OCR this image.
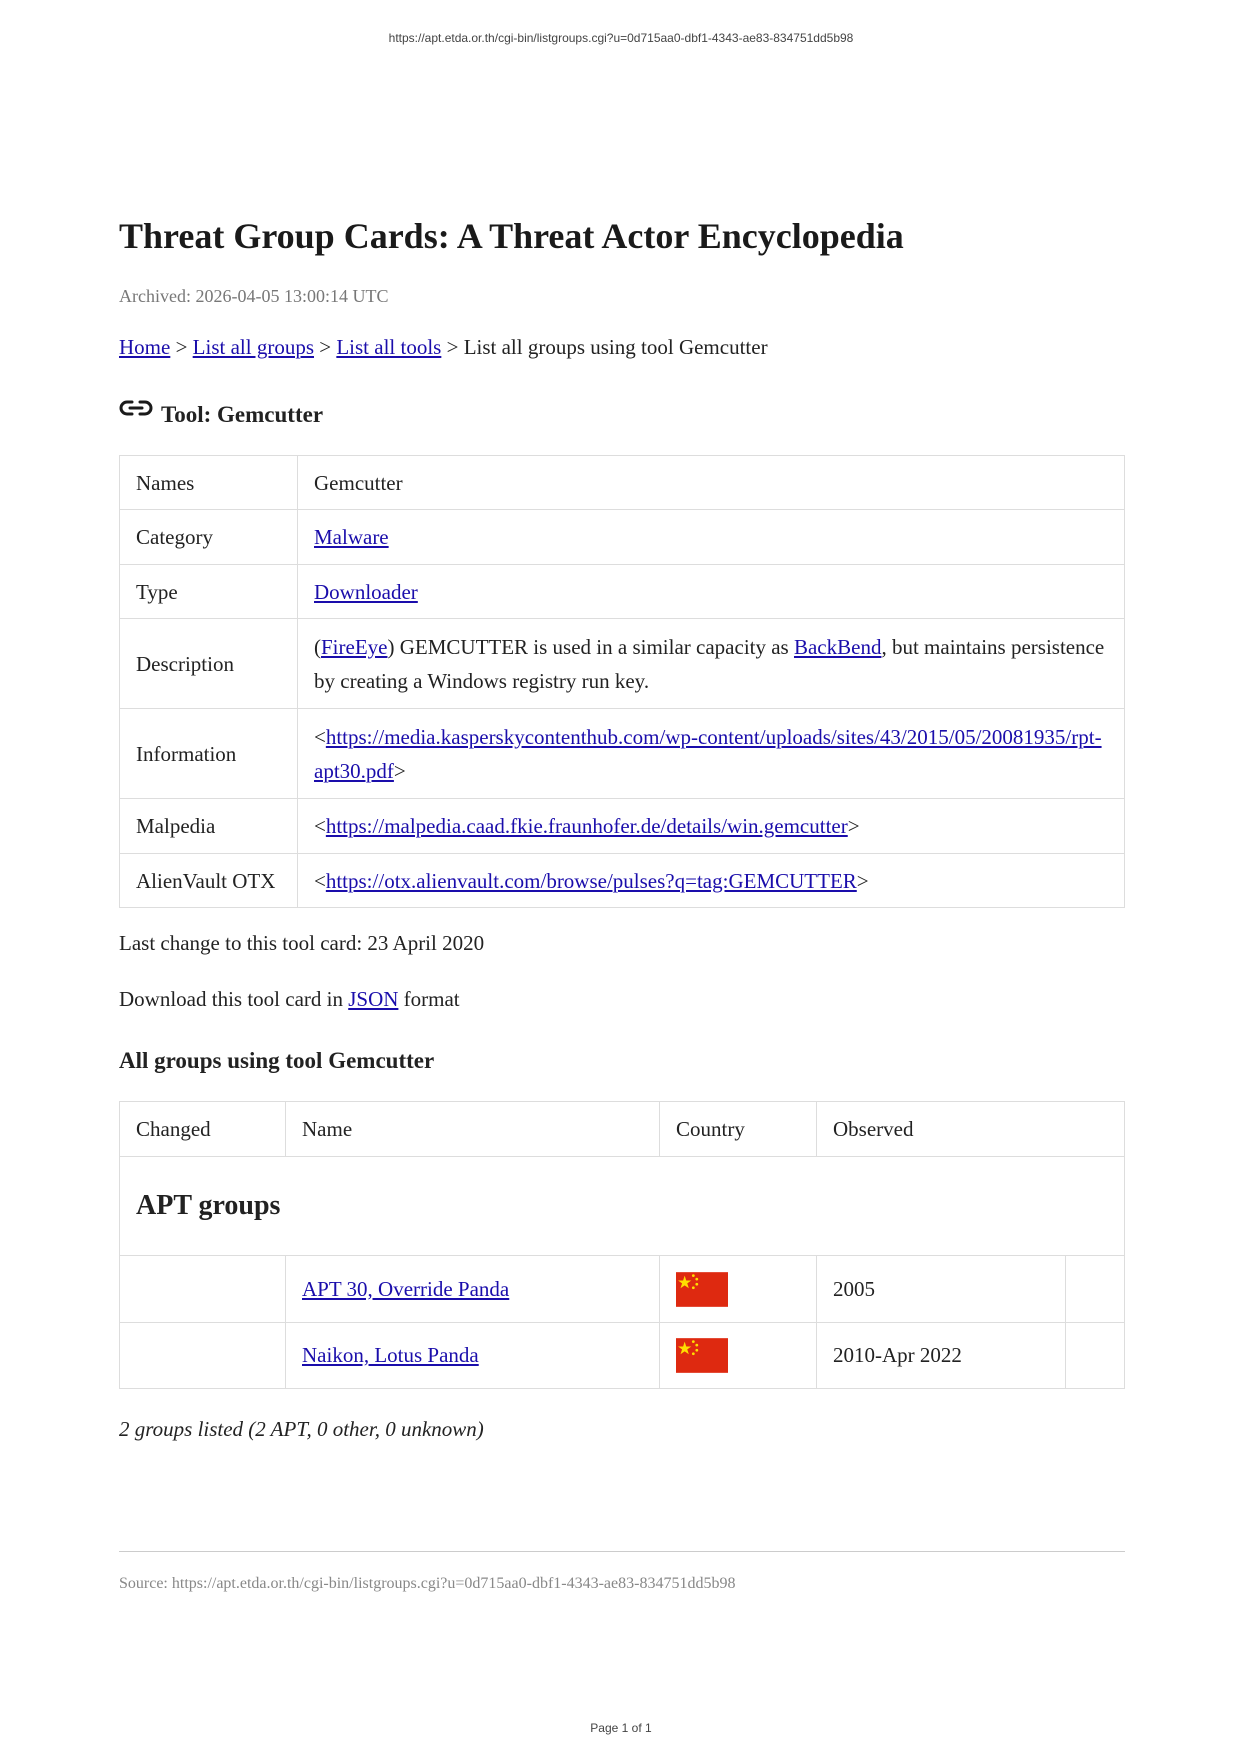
https://apt.etda.or.th/cgi-bin/listgroups.cgi?u=0d715aa0-dbf1-4343-ae83-834751dd5b98
Threat Group Cards: A Threat Actor Encyclopedia
Archived: 2026-04-05 13:00:14 UTC
Home > List all groups > List all tools > List all groups using tool Gemcutter
Tool: Gemcutter
Names	Gemcutter
Category	Malware
Type	Downloader
Description	(FireEye) GEMCUTTER is used in a similar capacity as BackBend, but maintains persistence by creating a Windows registry run key.
Information	<https://media.kasperskycontenthub.com/wp-content/uploads/sites/43/2015/05/20081935/rpt-apt30.pdf>
Malpedia	<https://malpedia.caad.fkie.fraunhofer.de/details/win.gemcutter>
AlienVault OTX	<https://otx.alienvault.com/browse/pulses?q=tag:GEMCUTTER>
Last change to this tool card: 23 April 2020
Download this tool card in JSON format
All groups using tool Gemcutter
Changed	Name	Country	Observed	
APT groups				
	APT 30, Override Panda		2005	
	Naikon, Lotus Panda		2010-Apr 2022	
2 groups listed (2 APT, 0 other, 0 unknown)
Source: https://apt.etda.or.th/cgi-bin/listgroups.cgi?u=0d715aa0-dbf1-4343-ae83-834751dd5b98
Page 1 of 1
